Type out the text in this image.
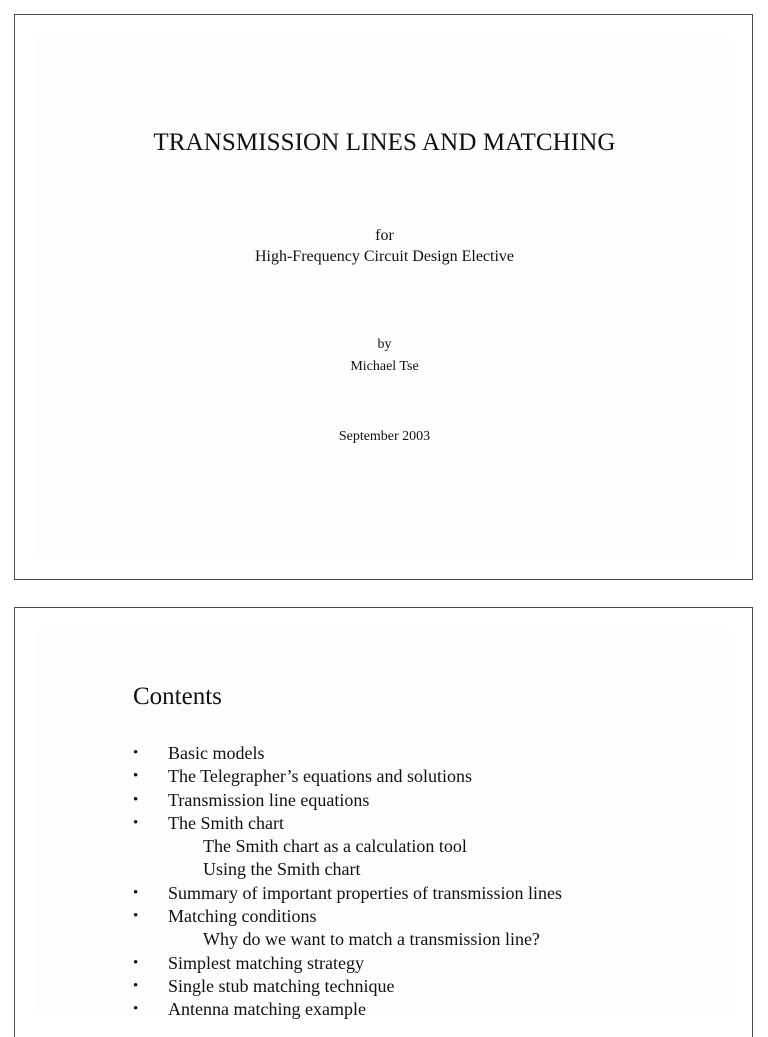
TRANSMISSION LINES AND MATCHING
for
High-Frequency Circuit Design Elective
by
Michael Tse
September 2003
Contents
• Basic models
• The Telegrapher’s equations and solutions
• Transmission line equations
• The Smith chart
The Smith chart as a calculation tool
Using the Smith chart
• Summary of important properties of transmission lines
• Matching conditions
Why do we want to match a transmission line?
• Simplest matching strategy
• Single stub matching technique
• Antenna matching example
